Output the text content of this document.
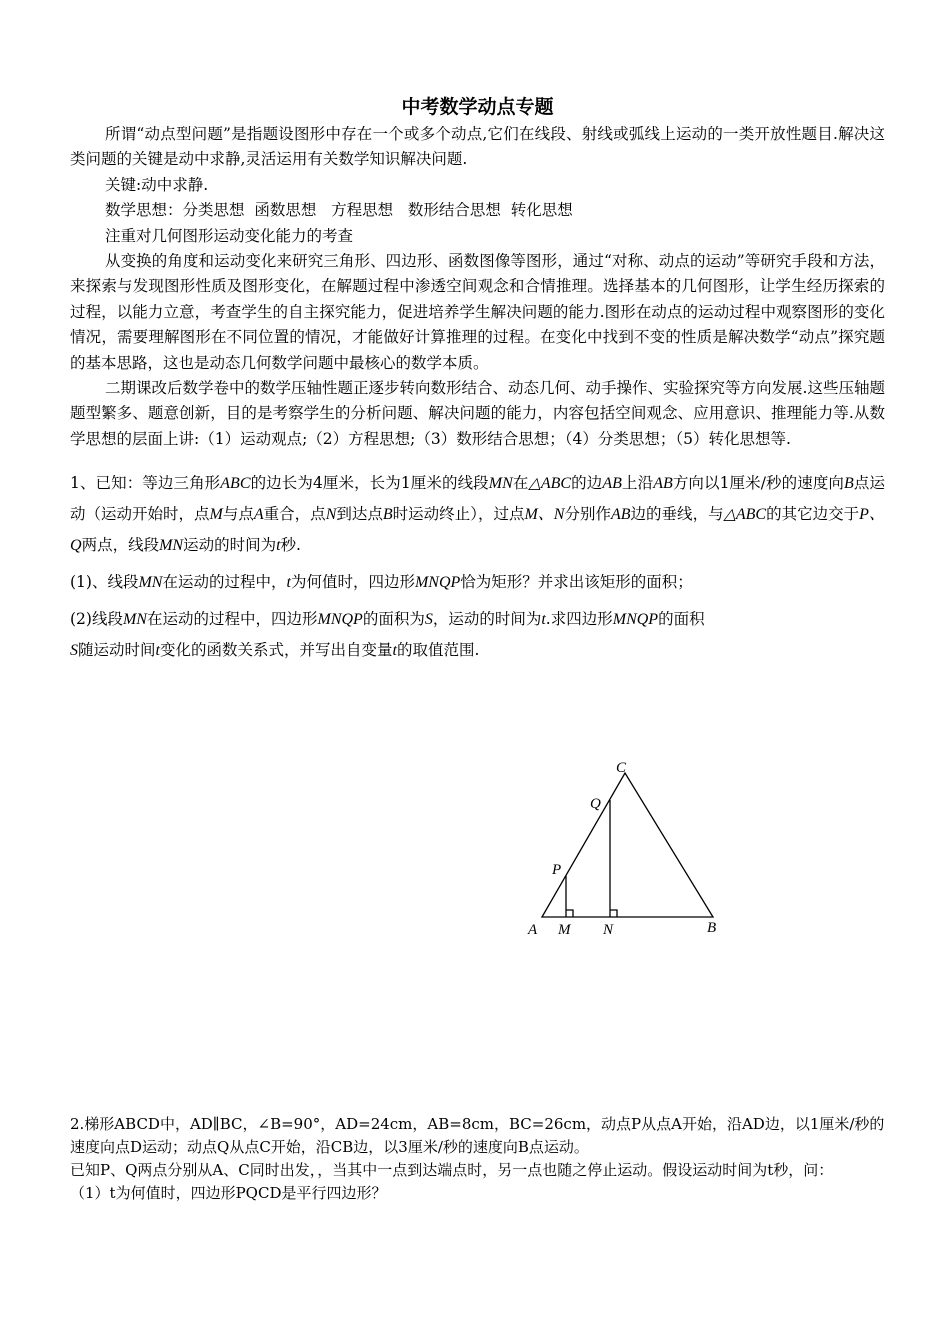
中考数学动点专题

所谓“动点型问题”是指题设图形中存在一个或多个动点,它们在线段、射线或弧线上运动的一类开放性题目.解决这类问题的关键是动中求静,灵活运用有关数学知识解决问题.

关键:动中求静.

数学思想：分类思想  函数思想   方程思想   数形结合思想  转化思想

注重对几何图形运动变化能力的考查

从变换的角度和运动变化来研究三角形、四边形、函数图像等图形，通过“对称、动点的运动”等研究手段和方法，来探索与发现图形性质及图形变化，在解题过程中渗透空间观念和合情推理。选择基本的几何图形，让学生经历探索的过程，以能力立意，考查学生的自主探究能力，促进培养学生解决问题的能力.图形在动点的运动过程中观察图形的变化情况，需要理解图形在不同位置的情况，才能做好计算推理的过程。在变化中找到不变的性质是解决数学“动点”探究题的基本思路，这也是动态几何数学问题中最核心的数学本质。

二期课改后数学卷中的数学压轴性题正逐步转向数形结合、动态几何、动手操作、实验探究等方向发展.这些压轴题题型繁多、题意创新，目的是考察学生的分析问题、解决问题的能力，内容包括空间观念、应用意识、推理能力等.从数学思想的层面上讲:（1）运动观点;（2）方程思想;（3）数形结合思想；（4）分类思想；（5）转化思想等.

1、已知：等边三角形ABC的边长为4厘米，长为1厘米的线段MN在△ABC的边AB上沿AB方向以1厘米/秒的速度向B点运动（运动开始时，点M与点A重合，点N到达点B时运动终止），过点M、N分别作AB边的垂线，与△ABC的其它边交于P、Q两点，线段MN运动的时间为t秒.

(1)、线段MN在运动的过程中，t为何值时，四边形MNQP恰为矩形？并求出该矩形的面积；

(2)线段MN在运动的过程中，四边形MNQP的面积为S，运动的时间为t.求四边形MNQP的面积
S随运动时间t变化的函数关系式，并写出自变量t的取值范围.

C
Q
P
A M N	B

2.梯形ABCD中，AD∥BC，∠B=90°，AD=24cm，AB=8cm，BC=26cm，动点P从点A开始，沿AD边，以1厘米/秒的速度向点D运动；动点Q从点C开始，沿CB边，以3厘米/秒的速度向B点运动。

已知P、Q两点分别从A、C同时出发，，当其中一点到达端点时，另一点也随之停止运动。假设运动时间为t秒，问：

（1）t为何值时，四边形PQCD是平行四边形？
